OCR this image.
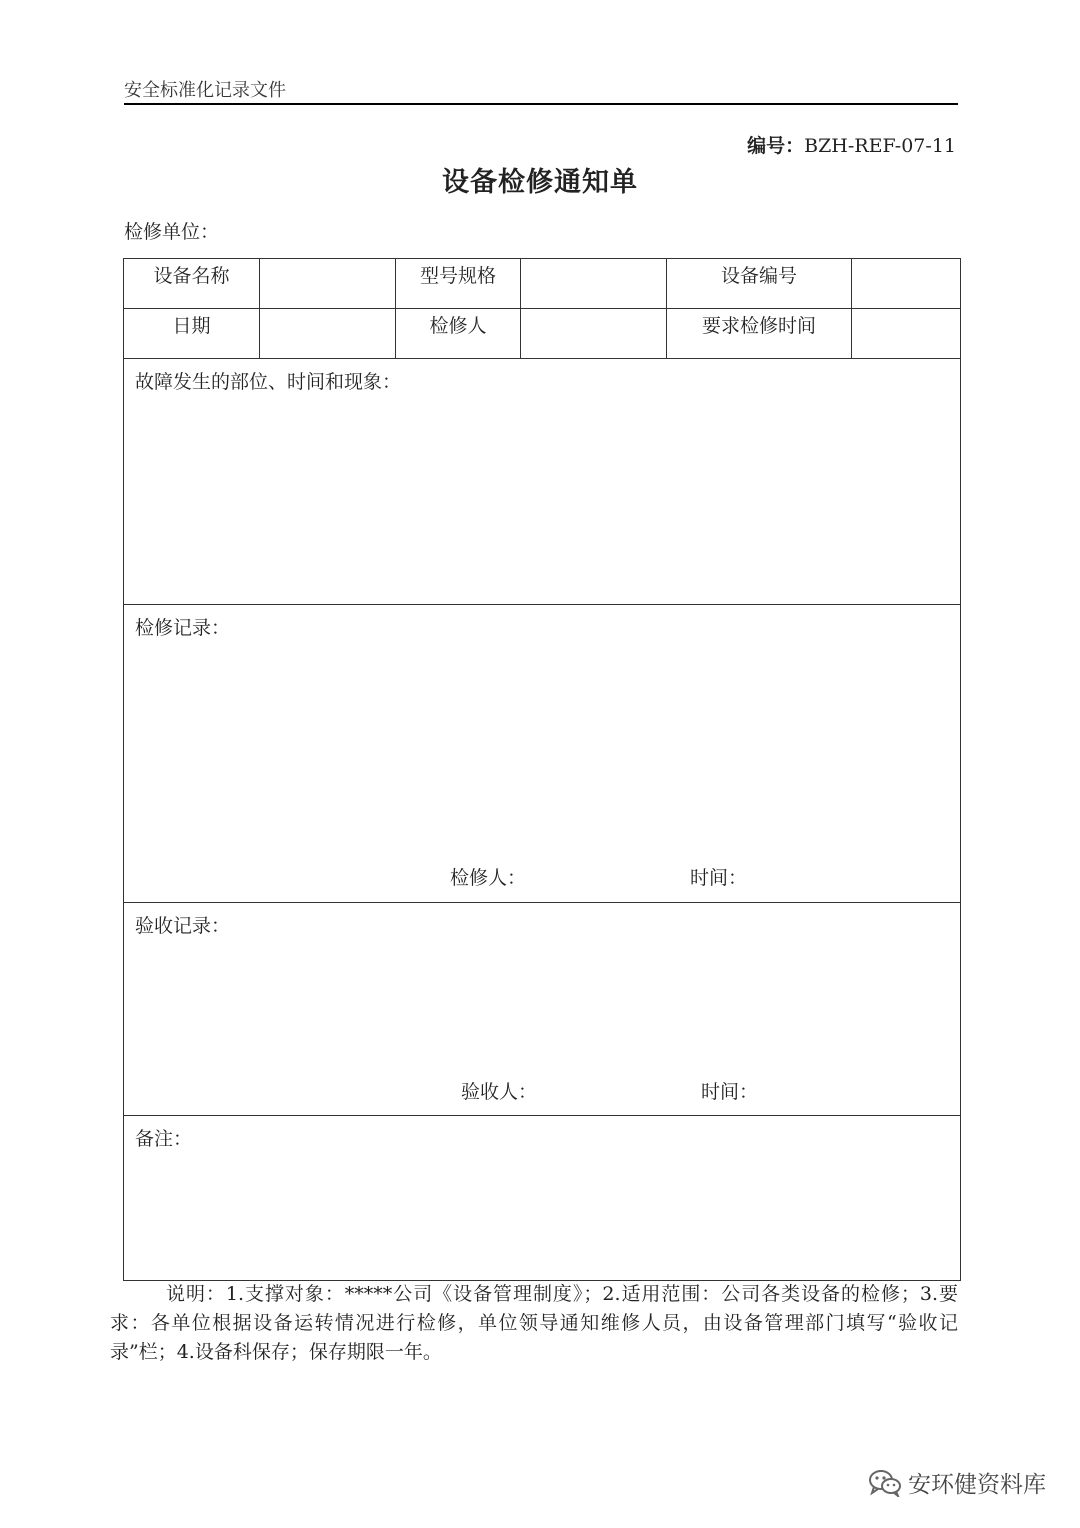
安全标准化记录文件
编号：BZH-REF-07-11
设备检修通知单
检修单位：
设备名称		型号规格		设备编号	
日期		检修人		要求检修时间	
故障发生的部位、时间和现象：					
检修记录：
检修人： 时间：					

验收记录：
验收人： 时间：					

备注：					
说明：1.支撑对象：*****公司《设备管理制度》；2.适用范围：公司各类设备的检修；3.要求：各单位根据设备运转情况进行检修，单位领导通知维修人员，由设备管理部门填写“验收记录”栏；4.设备科保存；保存期限一年。
安环健资料库
